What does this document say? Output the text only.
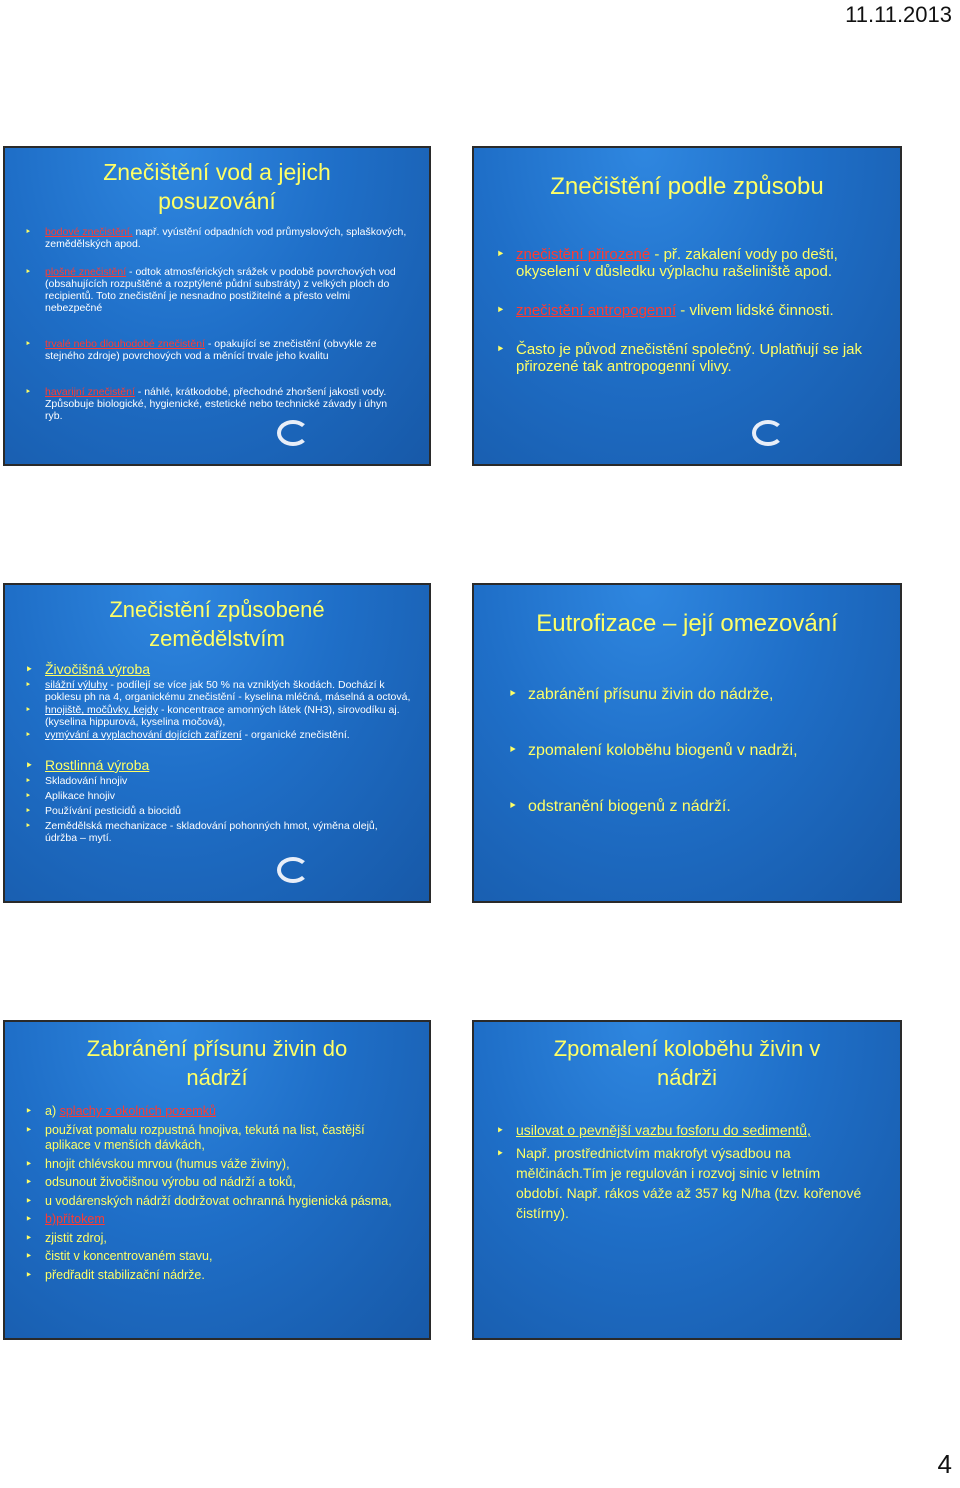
11.11.2013
Znečištění vod a jejich posuzování
‣ bodové znečistění, např. vyústění odpadních vod průmyslových, splaškových, zemědělských apod.
‣ plošné znečistění - odtok atmosférických srážek v podobě povrchových vod (obsahujících rozpuštěné a rozptýlené půdní substráty) z velkých ploch do recipientů. Toto znečistění je nesnadno postižitelné a přesto velmi nebezpečné
‣ trvalé nebo dlouhodobé znečistění - opakující se znečistění (obvykle ze stejného zdroje) povrchových vod a měnící trvale jeho kvalitu
‣ havarijní znečistění - náhlé, krátkodobé, přechodné zhoršení jakosti vody. Způsobuje biologické, hygienické, estetické nebo technické závady i úhyn ryb.
Znečištění podle způsobu
‣ znečistění přirozené - př. zakalení vody po dešti, okyselení v důsledku výplachu rašeliniště apod.
‣ znečistění antropogenní - vlivem lidské činnosti.
‣ Často je původ znečistění společný. Uplatňují se jak přirozené tak antropogenní vlivy.
Znečistění způsobené zemědělstvím
‣ Živočišná výroba
‣ silážní výluhy - podílejí se více jak 50 % na vzniklých škodách. Dochází k poklesu ph na 4, organickému znečistění - kyselina mléčná, máselná a octová,
‣ hnojiště, močůvky, kejdy - koncentrace amonných látek (NH3), sirovodíku aj.(kyselina hippurová, kyselina močová),
‣ vymývání a vyplachování dojících zařízení - organické znečistění.
‣ Rostlinná výroba
‣ Skladování hnojiv
‣ Aplikace hnojiv
‣ Používání pesticidů a biocidů
‣ Zemědělská mechanizace - skladování pohonných hmot, výměna olejů, údržba – mytí.
Eutrofizace – její omezování
‣ zabránění přísunu živin do nádrže,
‣ zpomalení koloběhu biogenů v nadrži,
‣ odstranění biogenů z nádrží.
Zabránění přísunu živin do nádrží
‣ a) splachy z okolních pozemků
‣ používat pomalu rozpustná hnojiva, tekutá na list, častější aplikace v menších dávkách,
‣ hnojit chlévskou mrvou (humus váže živiny),
‣ odsunout živočišnou výrobu od nádrží a toků,
‣ u vodárenských nádrží dodržovat ochranná hygienická pásma,
‣ b)přítokem
‣ zjistit zdroj,
‣ čistit v koncentrovaném stavu,
‣ předřadit stabilizační nádrže.
Zpomalení koloběhu živin v nádrži
‣ usilovat o pevnější vazbu fosforu do sedimentů,
‣ Např. prostřednictvím makrofyt výsadbou na mělčinách.Tím je regulován i rozvoj sinic v letním období. Např. rákos váže až 357 kg N/ha (tzv. kořenové čistírny).
4
